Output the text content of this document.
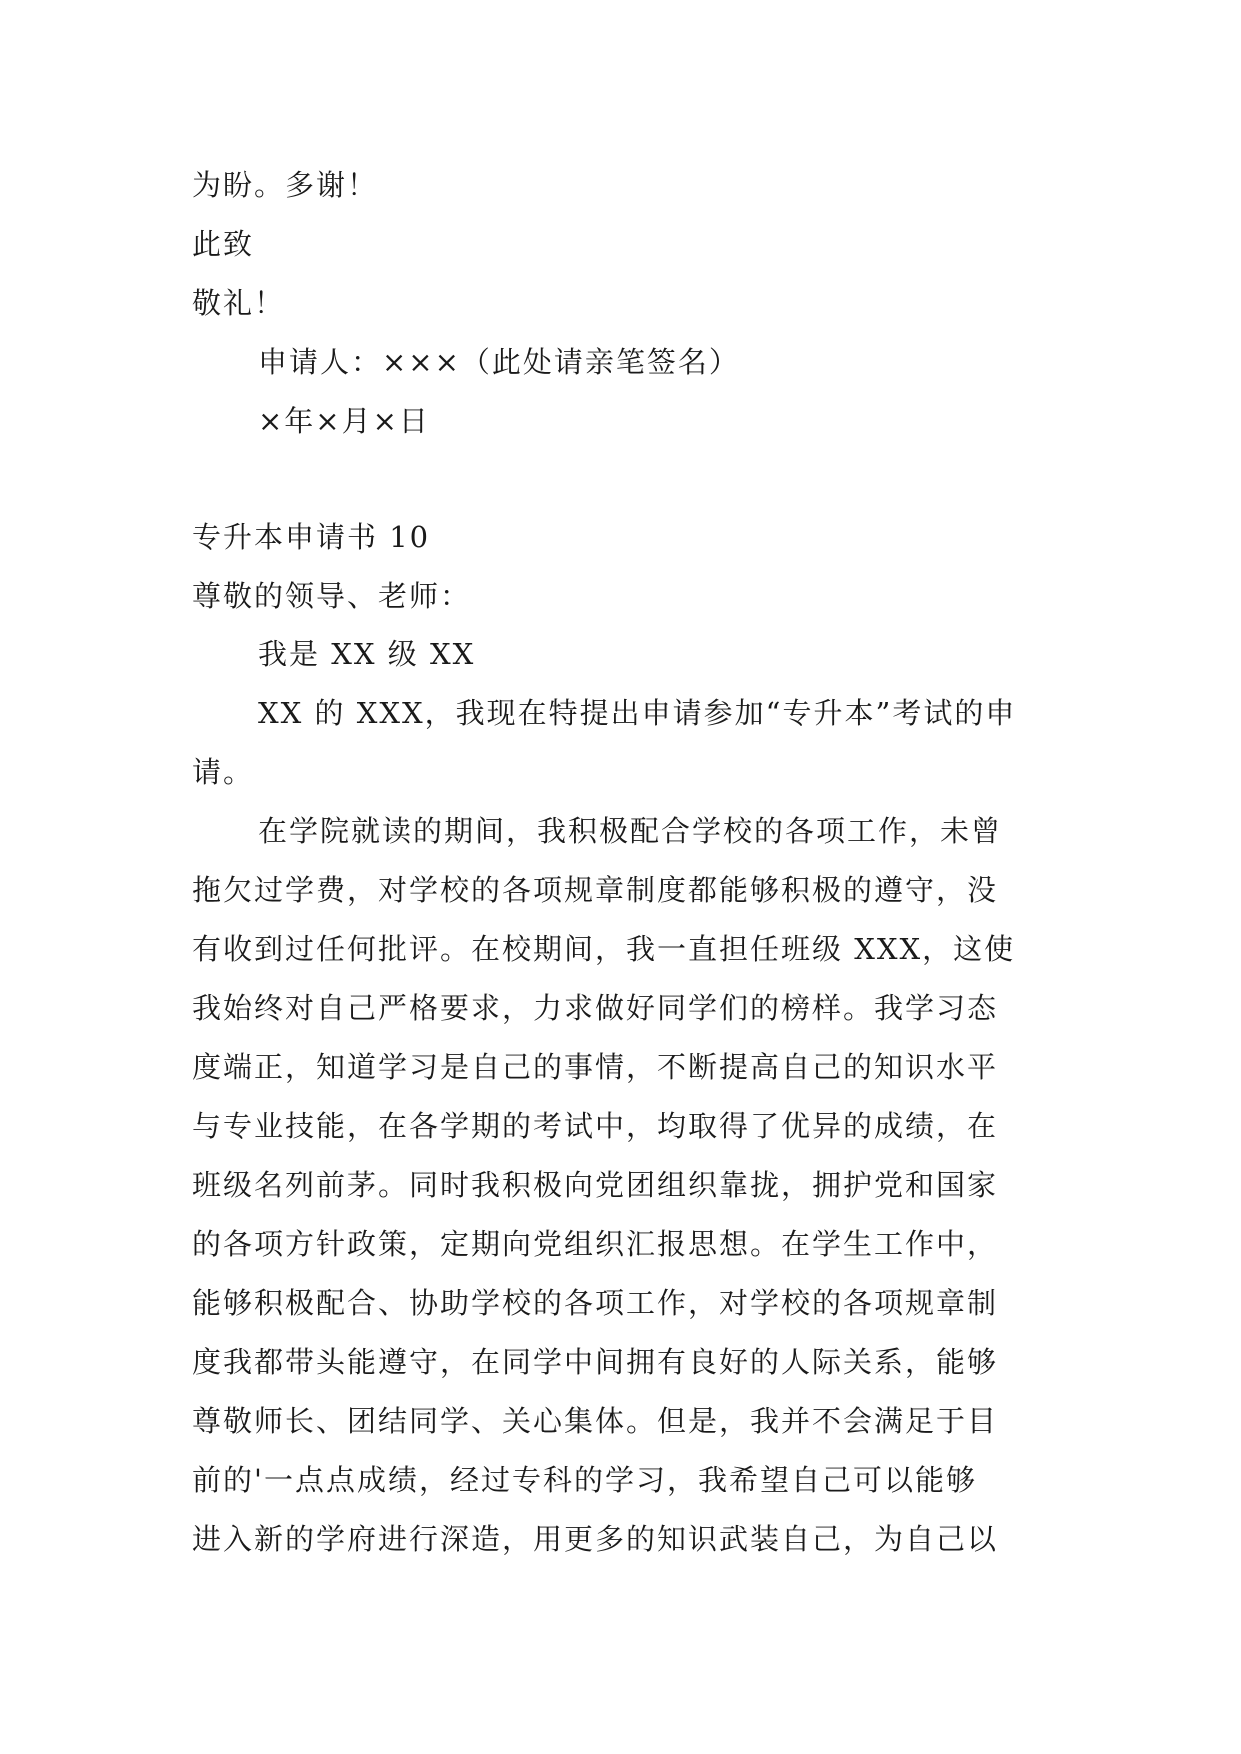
为盼。多谢！
此致
敬礼！
申请人：×××（此处请亲笔签名）
×年×月×日
专升本申请书 10
尊敬的领导、老师：
我是 XX 级 XX
XX 的 XXX，我现在特提出申请参加“专升本”考试的申
请。
在学院就读的期间，我积极配合学校的各项工作，未曾
拖欠过学费，对学校的各项规章制度都能够积极的遵守，没
有收到过任何批评。在校期间，我一直担任班级 XXX，这使
我始终对自己严格要求，力求做好同学们的榜样。我学习态
度端正，知道学习是自己的事情，不断提高自己的知识水平
与专业技能，在各学期的考试中，均取得了优异的成绩，在
班级名列前茅。同时我积极向党团组织靠拢，拥护党和国家
的各项方针政策，定期向党组织汇报思想。在学生工作中，
能够积极配合、协助学校的各项工作，对学校的各项规章制
度我都带头能遵守，在同学中间拥有良好的人际关系，能够
尊敬师长、团结同学、关心集体。但是，我并不会满足于目
前的'一点点成绩，经过专科的学习，我希望自己可以能够
进入新的学府进行深造，用更多的知识武装自己，为自己以
